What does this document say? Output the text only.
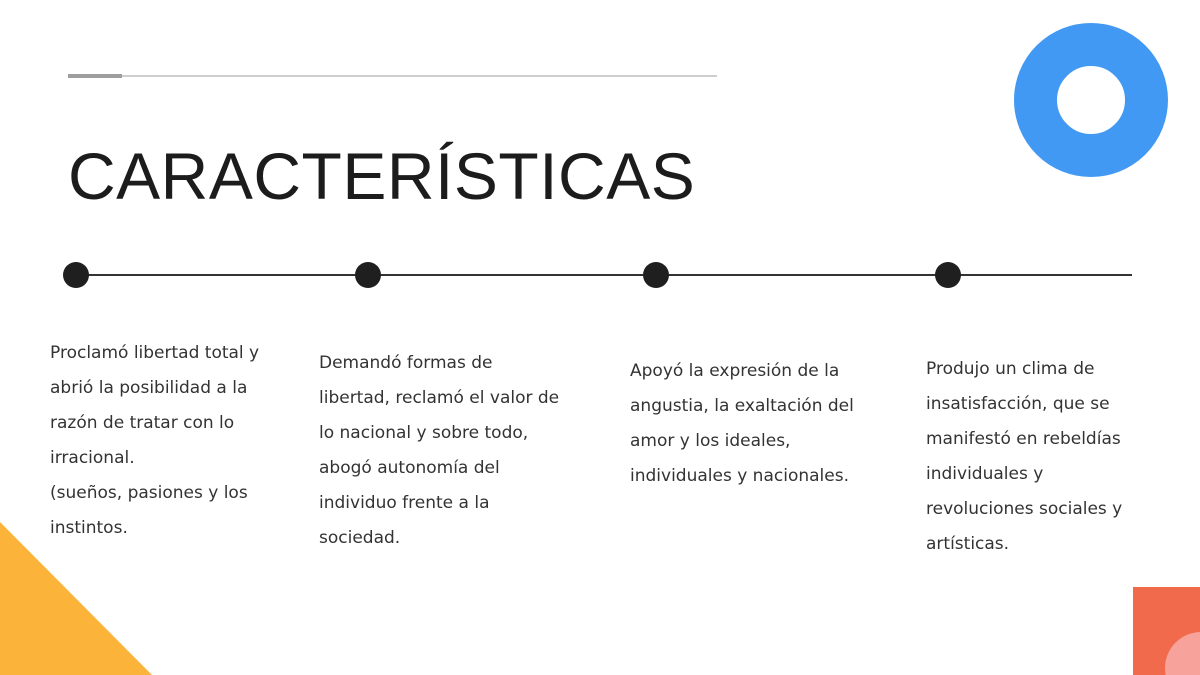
CARACTERÍSTICAS

Proclamó libertad total y
abrió la posibilidad a la
razón de tratar con lo
irracional.
(sueños, pasiones y los
instintos.

Demandó formas de
libertad, reclamó el valor de
lo nacional y sobre todo,
abogó autonomía del
individuo frente a la
sociedad.

Apoyó la expresión de la
angustia, la exaltación del
amor y los ideales,
individuales y nacionales.

Produjo un clima de
insatisfacción, que se
manifestó en rebeldías
individuales y
revoluciones sociales y
artísticas.
